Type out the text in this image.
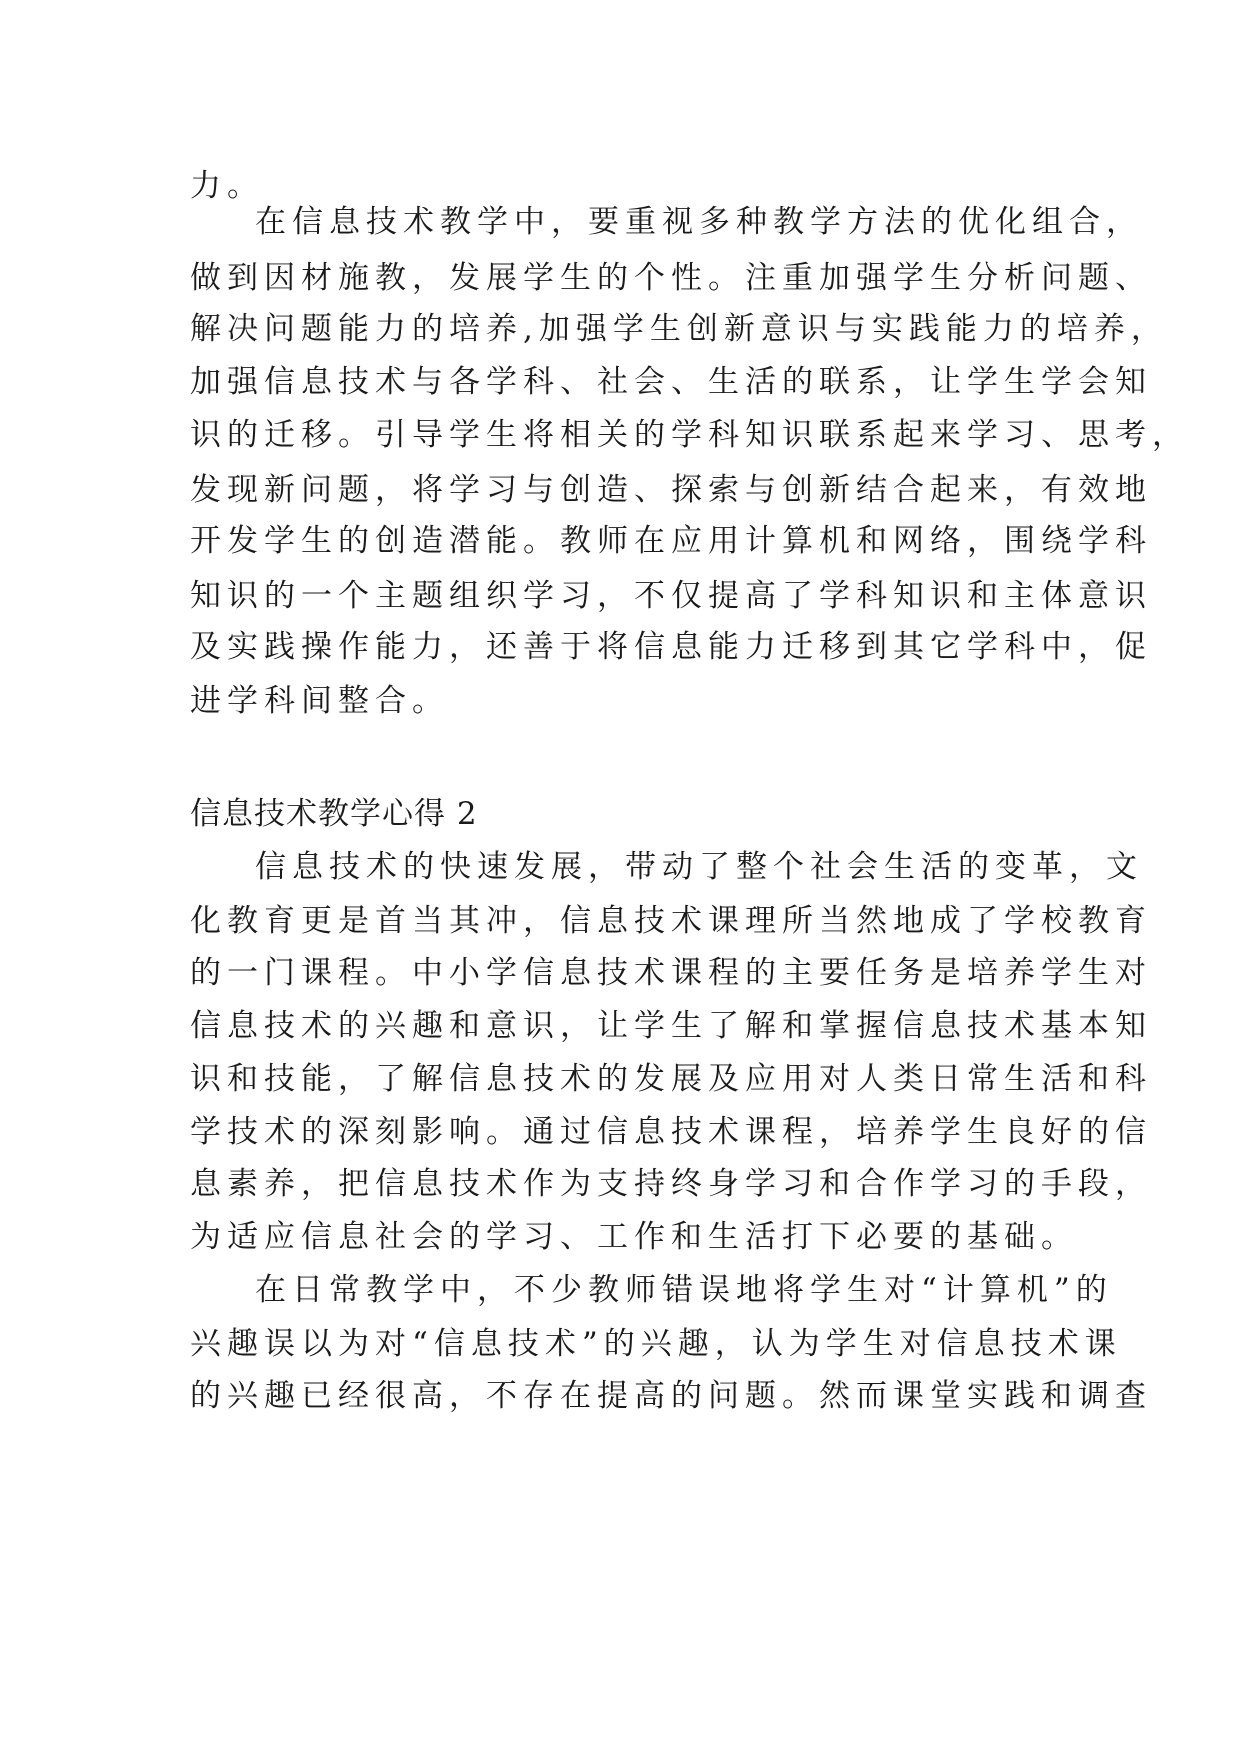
力。
在信息技术教学中，要重视多种教学方法的优化组合，
做到因材施教，发展学生的个性。注重加强学生分析问题、
解决问题能力的培养,加强学生创新意识与实践能力的培养，
加强信息技术与各学科、社会、生活的联系，让学生学会知
识的迁移。引导学生将相关的学科知识联系起来学习、思考，
发现新问题，将学习与创造、探索与创新结合起来，有效地
开发学生的创造潜能。教师在应用计算机和网络，围绕学科
知识的一个主题组织学习，不仅提高了学科知识和主体意识
及实践操作能力，还善于将信息能力迁移到其它学科中，促
进学科间整合。
信息技术教学心得 2
信息技术的快速发展，带动了整个社会生活的变革，文
化教育更是首当其冲，信息技术课理所当然地成了学校教育
的一门课程。中小学信息技术课程的主要任务是培养学生对
信息技术的兴趣和意识，让学生了解和掌握信息技术基本知
识和技能，了解信息技术的发展及应用对人类日常生活和科
学技术的深刻影响。通过信息技术课程，培养学生良好的信
息素养，把信息技术作为支持终身学习和合作学习的手段，
为适应信息社会的学习、工作和生活打下必要的基础。
在日常教学中，不少教师错误地将学生对“计算机”的
兴趣误以为对“信息技术”的兴趣，认为学生对信息技术课
的兴趣已经很高，不存在提高的问题。然而课堂实践和调查
